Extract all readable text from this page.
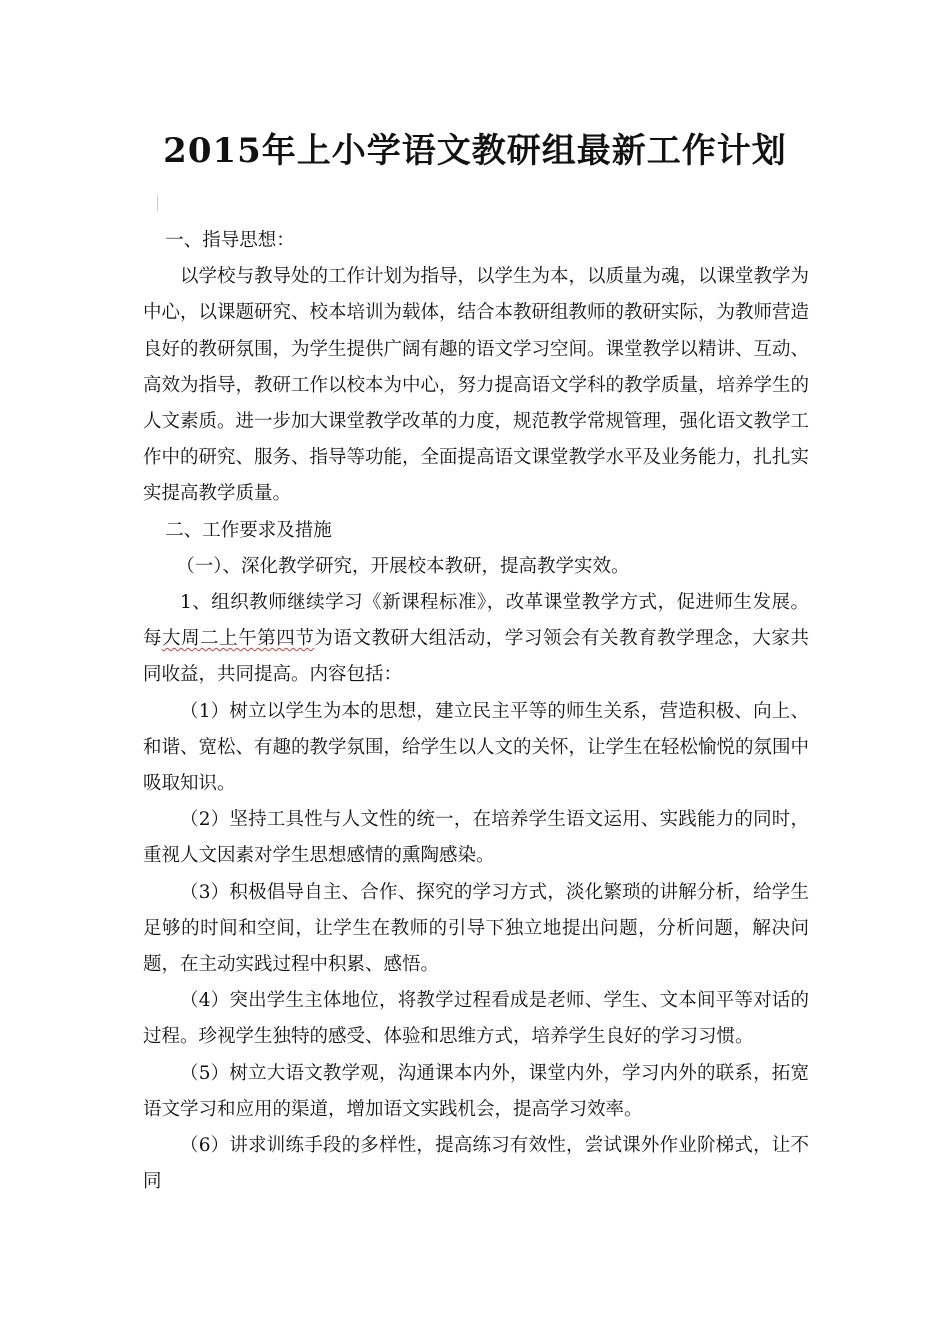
2015年上小学语文教研组最新工作计划

一、指导思想：

以学校与教导处的工作计划为指导，以学生为本，以质量为魂，以课堂教学为中心，以课题研究、校本培训为载体，结合本教研组教师的教研实际，为教师营造良好的教研氛围，为学生提供广阔有趣的语文学习空间。课堂教学以精讲、互动、高效为指导，教研工作以校本为中心，努力提高语文学科的教学质量，培养学生的人文素质。进一步加大课堂教学改革的力度，规范教学常规管理，强化语文教学工作中的研究、服务、指导等功能，全面提高语文课堂教学水平及业务能力，扎扎实实提高教学质量。

二、工作要求及措施

（一）、深化教学研究，开展校本教研，提高教学实效。

1、组织教师继续学习《新课程标准》，改革课堂教学方式，促进师生发展。每大周二上午第四节为语文教研大组活动，学习领会有关教育教学理念，大家共同收益，共同提高。内容包括：

（1）树立以学生为本的思想，建立民主平等的师生关系，营造积极、向上、和谐、宽松、有趣的教学氛围，给学生以人文的关怀，让学生在轻松愉悦的氛围中吸取知识。

（2）坚持工具性与人文性的统一，在培养学生语文运用、实践能力的同时，重视人文因素对学生思想感情的熏陶感染。

（3）积极倡导自主、合作、探究的学习方式，淡化繁琐的讲解分析，给学生足够的时间和空间，让学生在教师的引导下独立地提出问题，分析问题，解决问题，在主动实践过程中积累、感悟。

（4）突出学生主体地位，将教学过程看成是老师、学生、文本间平等对话的过程。珍视学生独特的感受、体验和思维方式，培养学生良好的学习习惯。

（5）树立大语文教学观，沟通课本内外，课堂内外，学习内外的联系，拓宽语文学习和应用的渠道，增加语文实践机会，提高学习效率。

（6）讲求训练手段的多样性，提高练习有效性，尝试课外作业阶梯式，让不同
